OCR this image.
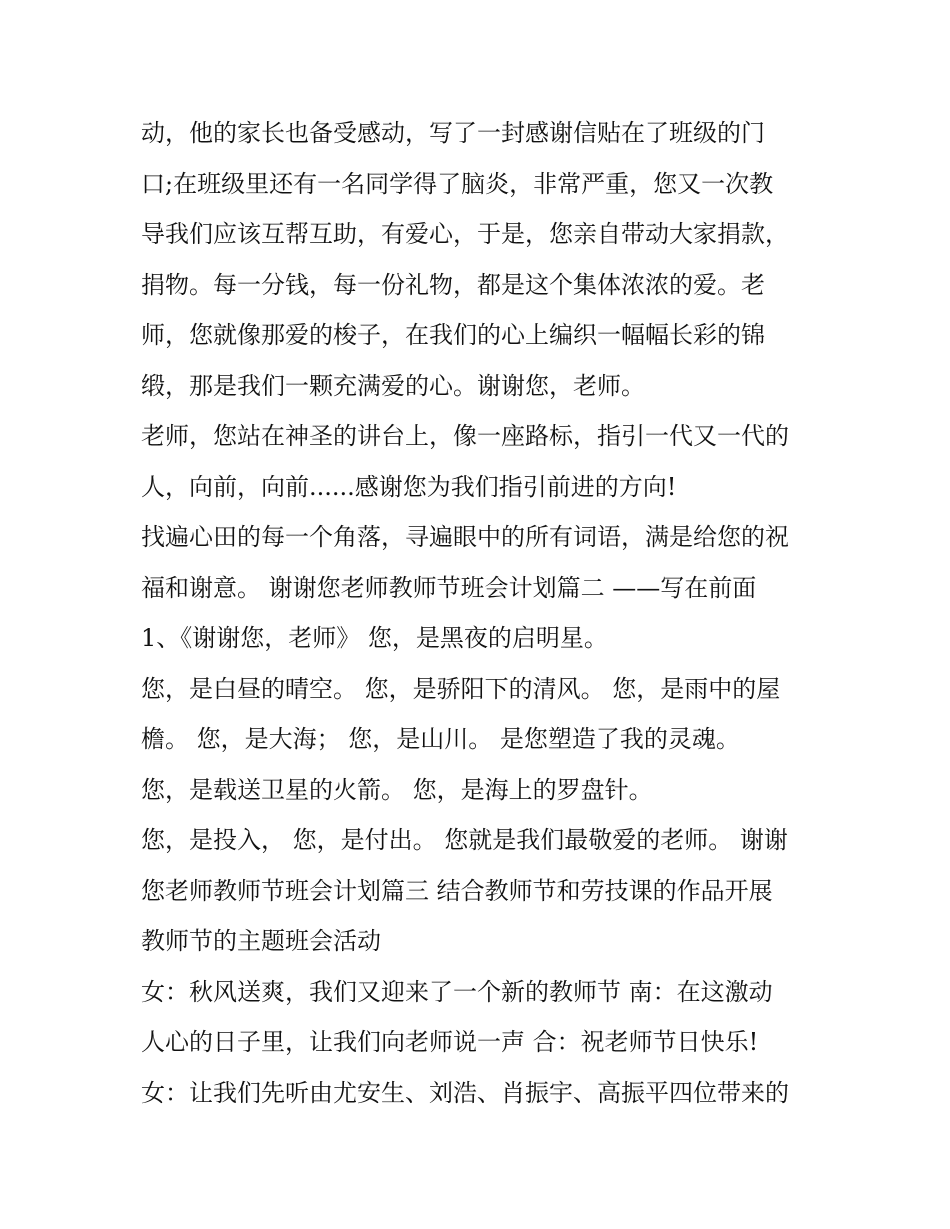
动，他的家长也备受感动，写了一封感谢信贴在了班级的门
口;在班级里还有一名同学得了脑炎，非常严重，您又一次教
导我们应该互帮互助，有爱心，于是，您亲自带动大家捐款，
捐物。每一分钱，每一份礼物，都是这个集体浓浓的爱。老
师，您就像那爱的梭子，在我们的心上编织一幅幅长彩的锦
缎，那是我们一颗充满爱的心。谢谢您，老师。
老师，您站在神圣的讲台上，像一座路标，指引一代又一代的
人，向前，向前......感谢您为我们指引前进的方向!
找遍心田的每一个角落，寻遍眼中的所有词语，满是给您的祝
福和谢意。 谢谢您老师教师节班会计划篇二 ——写在前面
1、《谢谢您，老师》 您，是黑夜的启明星。
您，是白昼的晴空。 您，是骄阳下的清风。 您，是雨中的屋
檐。 您，是大海； 您，是山川。 是您塑造了我的灵魂。
您，是载送卫星的火箭。 您，是海上的罗盘针。
您，是投入， 您，是付出。 您就是我们最敬爱的老师。 谢谢
您老师教师节班会计划篇三 结合教师节和劳技课的作品开展
教师节的主题班会活动
女：秋风送爽，我们又迎来了一个新的教师节 南：在这激动
人心的日子里，让我们向老师说一声 合：祝老师节日快乐!
女：让我们先听由尤安生、刘浩、肖振宇、高振平四位带来的
